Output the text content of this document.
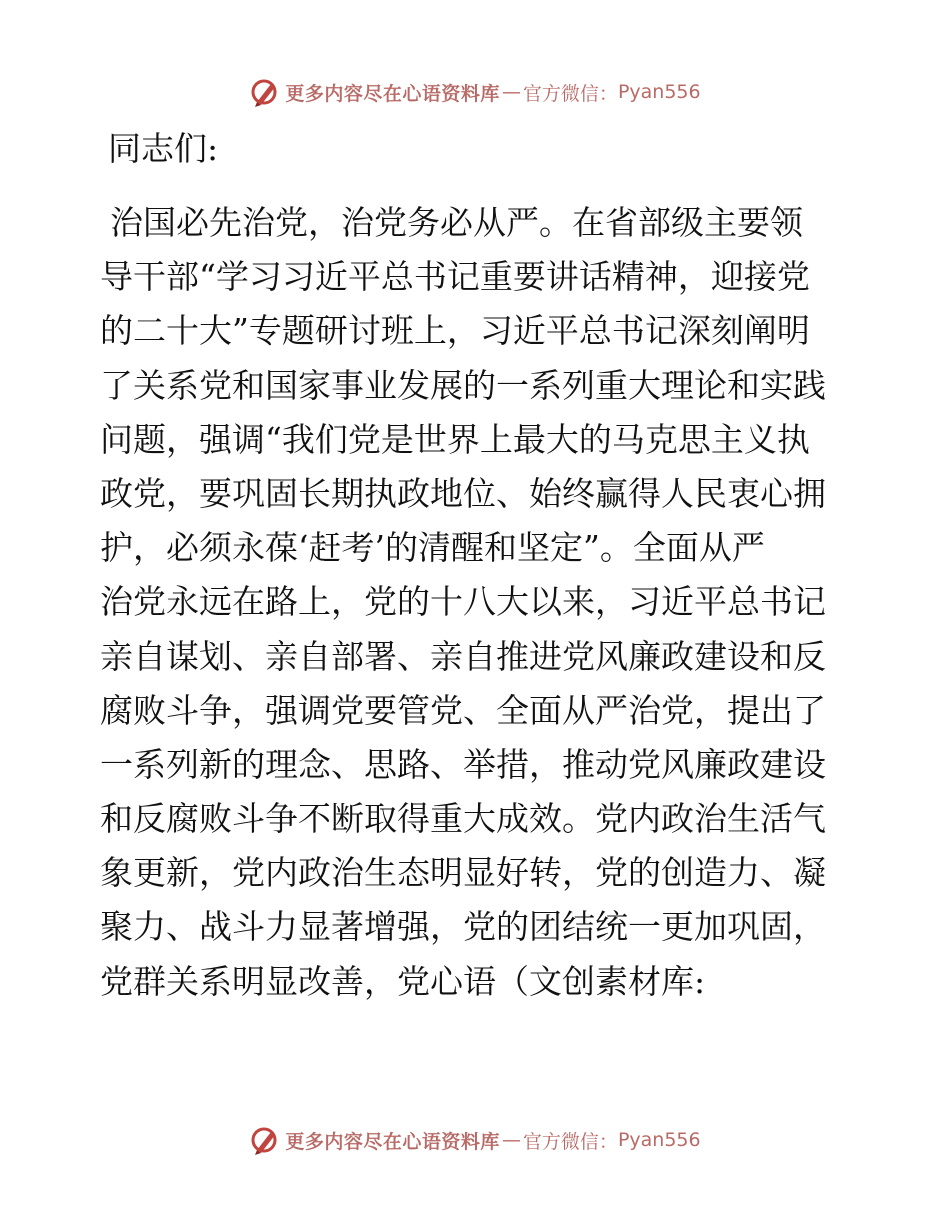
更多内容尽在心语资料库 — 官方微信： Pyan556
同志们:
治国必先治党，治党务必从严。在省部级主要领
导干部“学习习近平总书记重要讲话精神，迎接党
的二十大”专题研讨班上，习近平总书记深刻阐明
了关系党和国家事业发展的一系列重大理论和实践
问题，强调“我们党是世界上最大的马克思主义执
政党，要巩固长期执政地位、始终赢得人民衷心拥
护，必须永葆‘赶考’的清醒和坚定”。全面从严
治党永远在路上，党的十八大以来，习近平总书记
亲自谋划、亲自部署、亲自推进党风廉政建设和反
腐败斗争，强调党要管党、全面从严治党，提出了
一系列新的理念、思路、举措，推动党风廉政建设
和反腐败斗争不断取得重大成效。党内政治生活气
象更新，党内政治生态明显好转，党的创造力、凝
聚力、战斗力显著增强，党的团结统一更加巩固，
党群关系明显改善，党心语（文创素材库:
更多内容尽在心语资料库 — 官方微信： Pyan556
